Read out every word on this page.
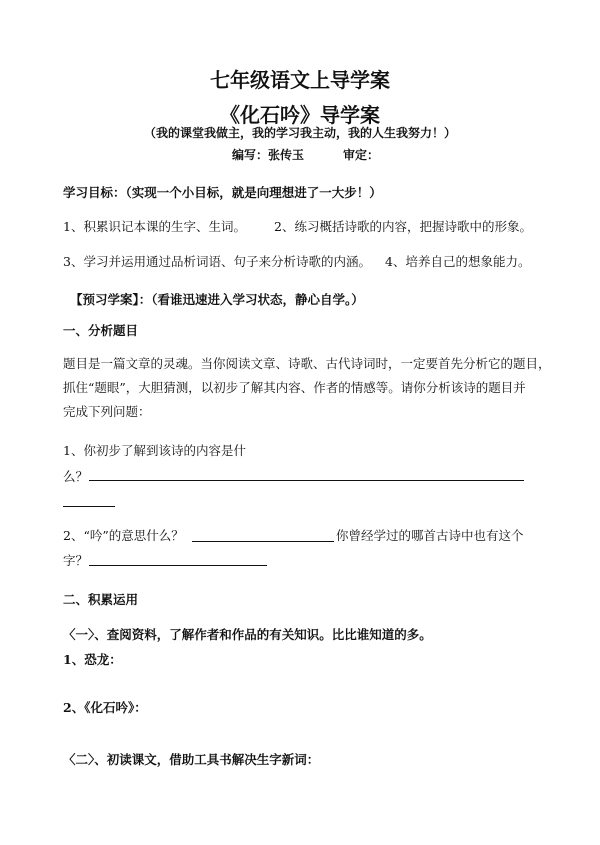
七年级语文上导学案
《化石吟》导学案
（我的课堂我做主，我的学习我主动，我的人生我努力！）
编写：张传玉	审定：
学习目标：（实现一个小目标，就是向理想进了一大步！）
1、积累识记本课的生字、生词。 2、练习概括诗歌的内容，把握诗歌中的形象。
3、学习并运用通过品析词语、句子来分析诗歌的内涵。 4、培养自己的想象能力。
【预习学案】：（看谁迅速进入学习状态，静心自学。）
一、分析题目
题目是一篇文章的灵魂。当你阅读文章、诗歌、古代诗词时，一定要首先分析它的题目，
抓住“题眼”，大胆猜测，以初步了解其内容、作者的情感等。请你分析该诗的题目并
完成下列问题：
1、你初步了解到该诗的内容是什
么？
2、“吟”的意思什么？	你曾经学过的哪首古诗中也有这个
字？
二、积累运用
〈一〉、查阅资料，了解作者和作品的有关知识。比比谁知道的多。
1、恐龙：
2、《化石吟》：
〈二〉、初读课文，借助工具书解决生字新词：
